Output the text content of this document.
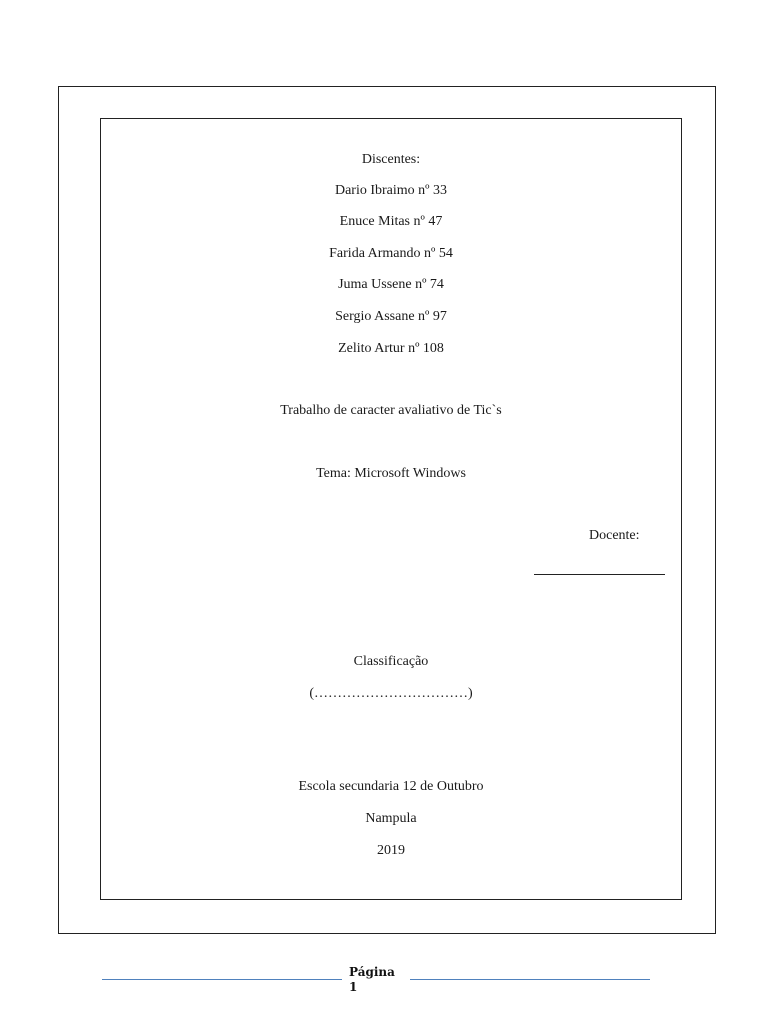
Discentes:
Dario Ibraimo nº 33
Enuce Mitas nº 47
Farida Armando nº 54
Juma Ussene nº 74
Sergio Assane nº 97
Zelito Artur nº 108
Trabalho de caracter avaliativo de Tic`s
Tema: Microsoft Windows
Docente:
Classificação
(……………………………)
Escola secundaria 12 de Outubro
Nampula
2019
Página
1
